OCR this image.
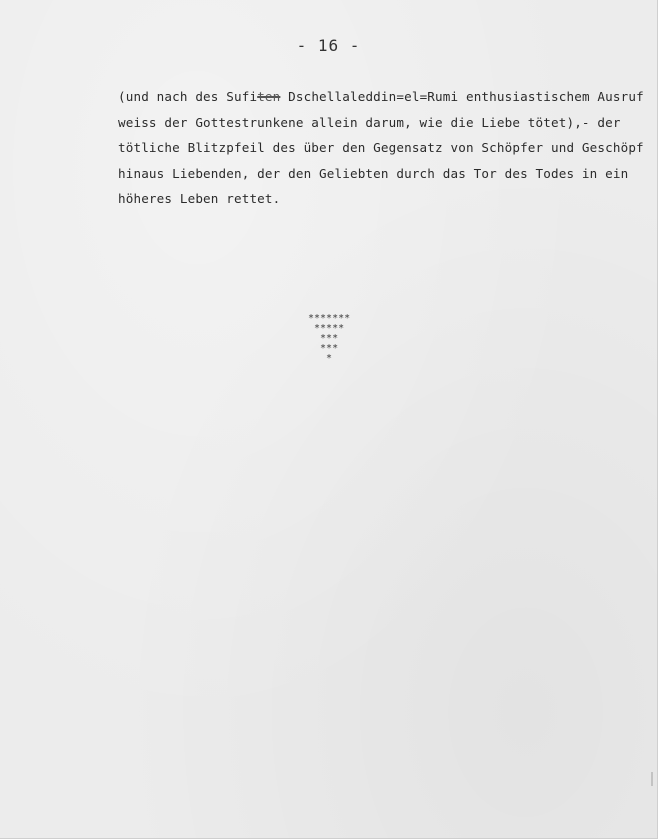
- 16 -
(und nach des Sufiten Dschellaleddin=el=Rumi enthusiastischem Ausruf
weiss der Gottestrunkene allein darum, wie die Liebe tötet),- der
tötliche Blitzpfeil des über den Gegensatz von Schöpfer und Geschöpf
hinaus Liebenden, der den Geliebten durch das Tor des Todes in ein
höheres Leben rettet.
*******
*****
***
***
*
